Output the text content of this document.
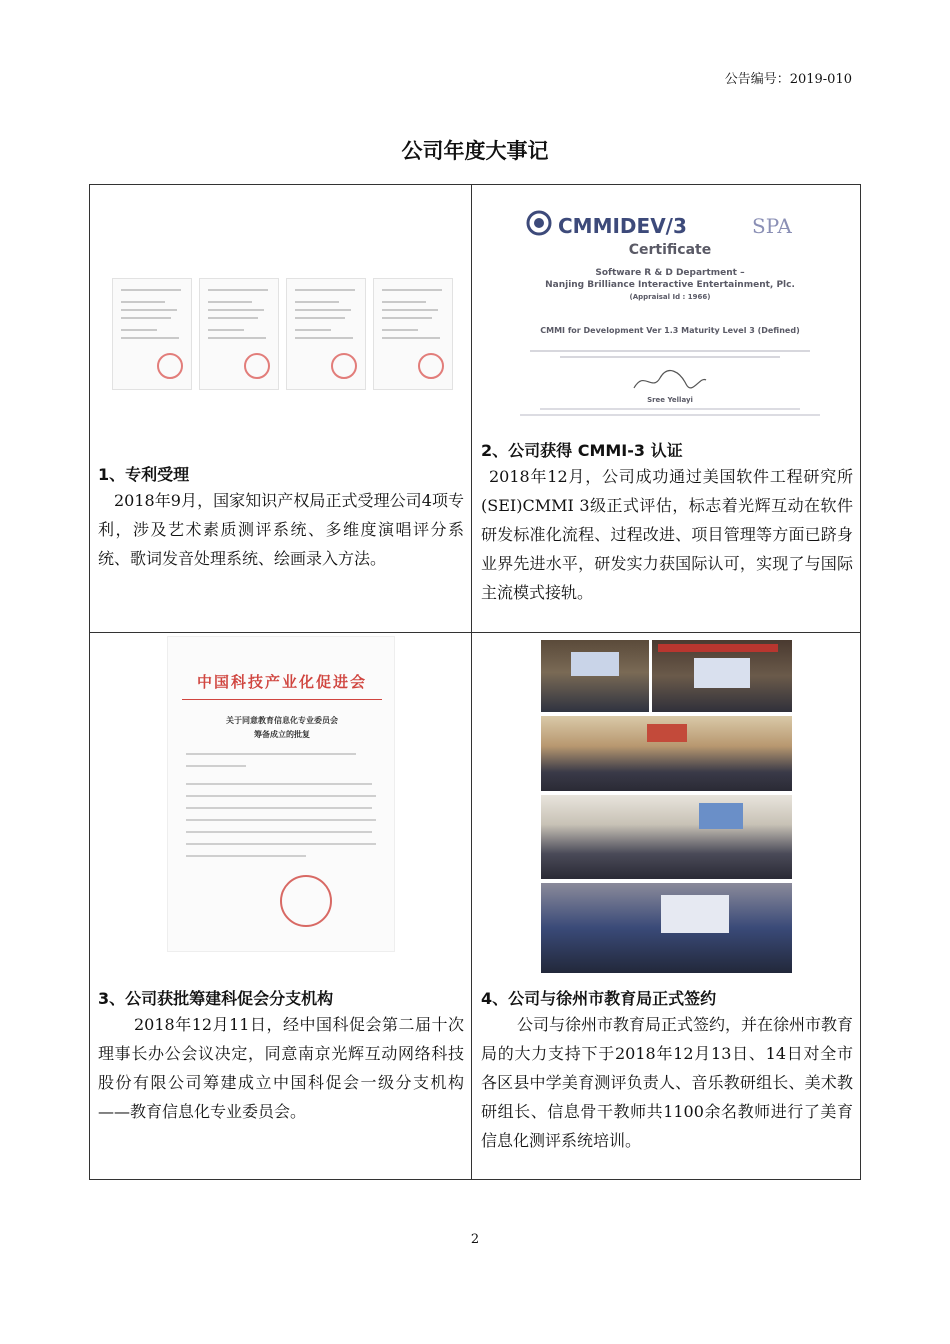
公告编号：2019-010
公司年度大事记
1、专利受理
2018年9月，国家知识产权局正式受理公司4项专利，涉及艺术素质测评系统、多维度演唱评分系统、歌词发音处理系统、绘画录入方法。
CMMIDEV/3	SPA
Certificate
Software R & D Department –
Nanjing Brilliance Interactive Entertainment, Plc.
(Appraisal Id : 1966)
CMMI for Development Ver 1.3 Maturity Level 3 (Defined)
Sree Yellayi
2、公司获得 CMMI-3 认证
2018年12月，公司成功通过美国软件工程研究所(SEI)CMMI 3级正式评估，标志着光辉互动在软件研发标准化流程、过程改进、项目管理等方面已跻身业界先进水平，研发实力获国际认可，实现了与国际主流模式接轨。
中国科技产业化促进会
关于同意教育信息化专业委员会
筹备成立的批复
3、公司获批筹建科促会分支机构
2018年12月11日，经中国科促会第二届十次理事长办公会议决定，同意南京光辉互动网络科技股份有限公司筹建成立中国科促会一级分支机构——教育信息化专业委员会。
4、公司与徐州市教育局正式签约
公司与徐州市教育局正式签约，并在徐州市教育局的大力支持下于2018年12月13日、14日对全市各区县中学美育测评负责人、音乐教研组长、美术教研组长、信息骨干教师共1100余名教师进行了美育信息化测评系统培训。
2
